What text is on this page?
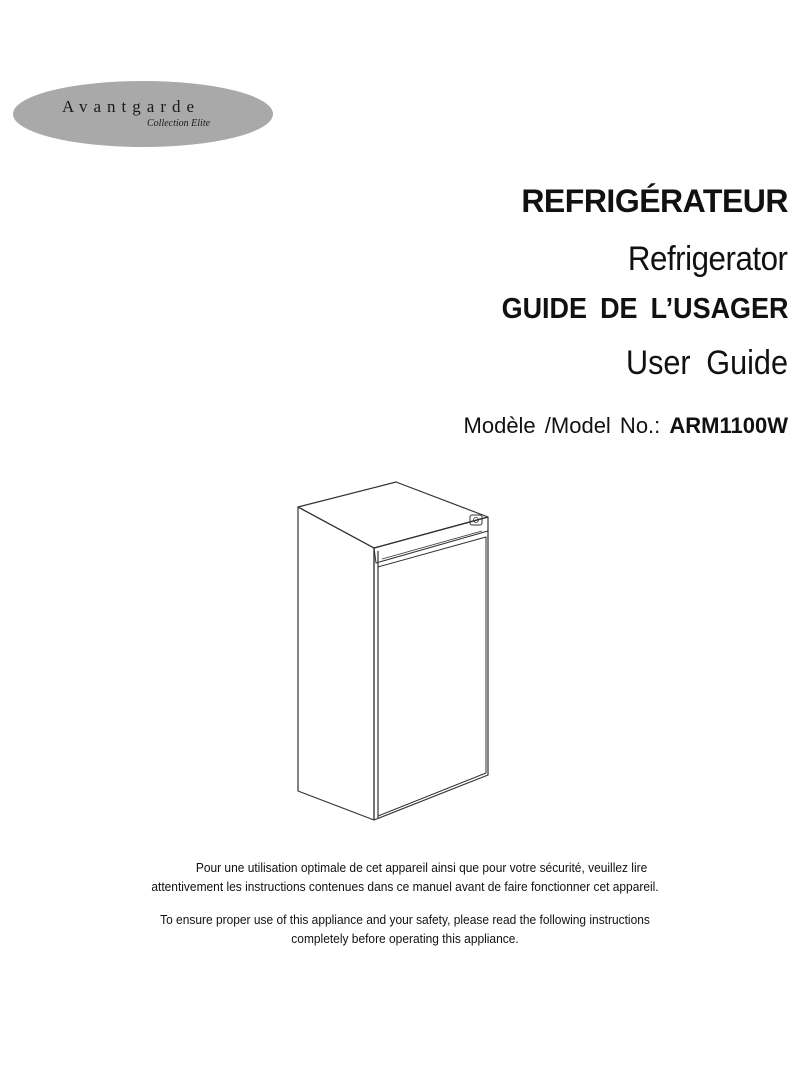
Avantgarde
Collection Elite
REFRIGÉRATEUR
Refrigerator
GUIDE DE L’USAGER
User Guide
Modèle /Model No.: ARM1100W
Pour une utilisation optimale de cet appareil ainsi que pour votre sécurité, veuillez lire
attentivement les instructions contenues dans ce manuel avant de faire fonctionner cet appareil.
To ensure proper use of this appliance and your safety, please read the following instructions
completely before operating this appliance.
